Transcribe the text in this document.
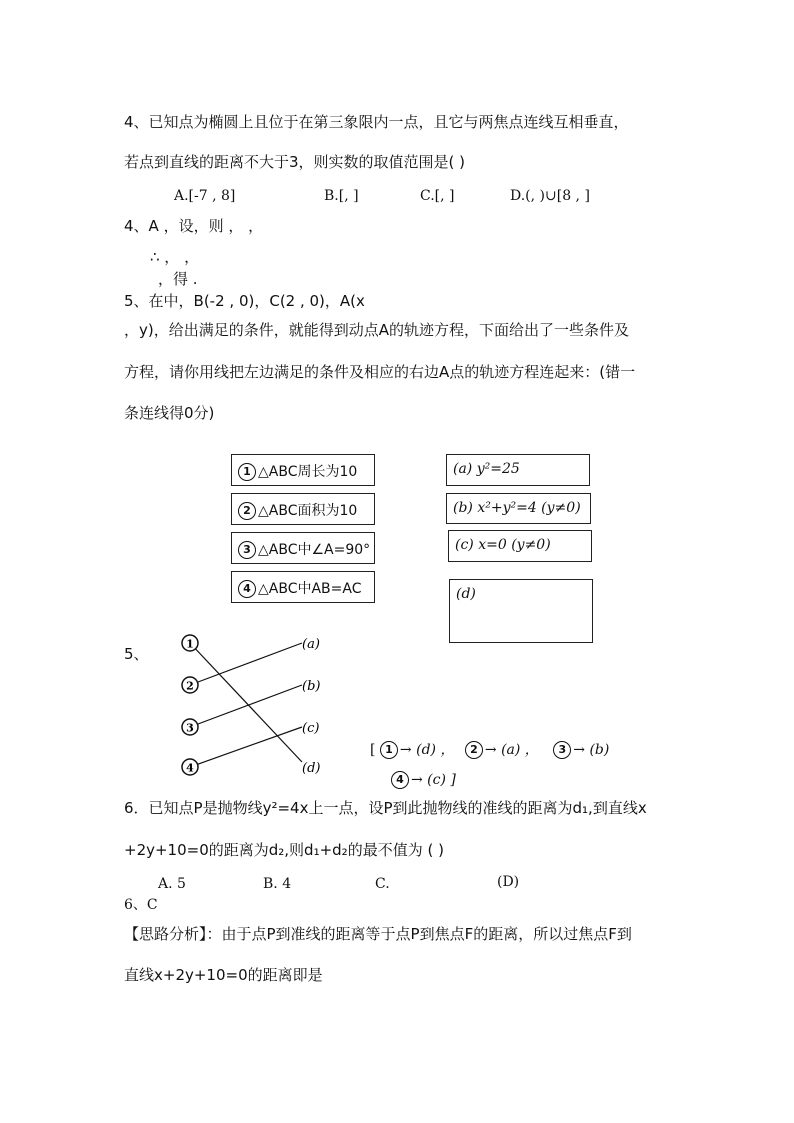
4、已知点为椭圆上且位于在第三象限内一点，且它与两焦点连线互相垂直，
若点到直线的距离不大于3，则实数的取值范围是( )
A.[-7 , 8]	B.[, ]	C.[, ]	D.(, )∪[8 , ]
4、A ，设，则 ， ，
∴ ， ，
，得 .
5、在中，B(-2 , 0)，C(2 , 0)，A(x
，y)，给出满足的条件，就能得到动点A的轨迹方程，下面给出了一些条件及
方程，请你用线把左边满足的条件及相应的右边A点的轨迹方程连起来：(错一
条连线得0分)
1 △ABC周长为10
2 △ABC面积为10
3 △ABC中∠A=90°
4 △ABC中AB=AC
(a) y²=25
(b) x²+y²=4 (y≠0)
(c) x=0 (y≠0)
(d)
5、
1
2
3
4
(a)
(b)
(c)
(d)
[ 1 → (d) ， 2 → (a) ， 3 → (b)
4 → (c) ]
6．已知点P是抛物线y²=4x上一点，设P到此抛物线的准线的距离为d₁,到直线x
+2y+10=0的距离为d₂,则d₁+d₂的最不值为 ( )
A. 5	B. 4	C.	(D)
6、C
【思路分析】：由于点P到准线的距离等于点P到焦点F的距离，所以过焦点F到
直线x+2y+10=0的距离即是
